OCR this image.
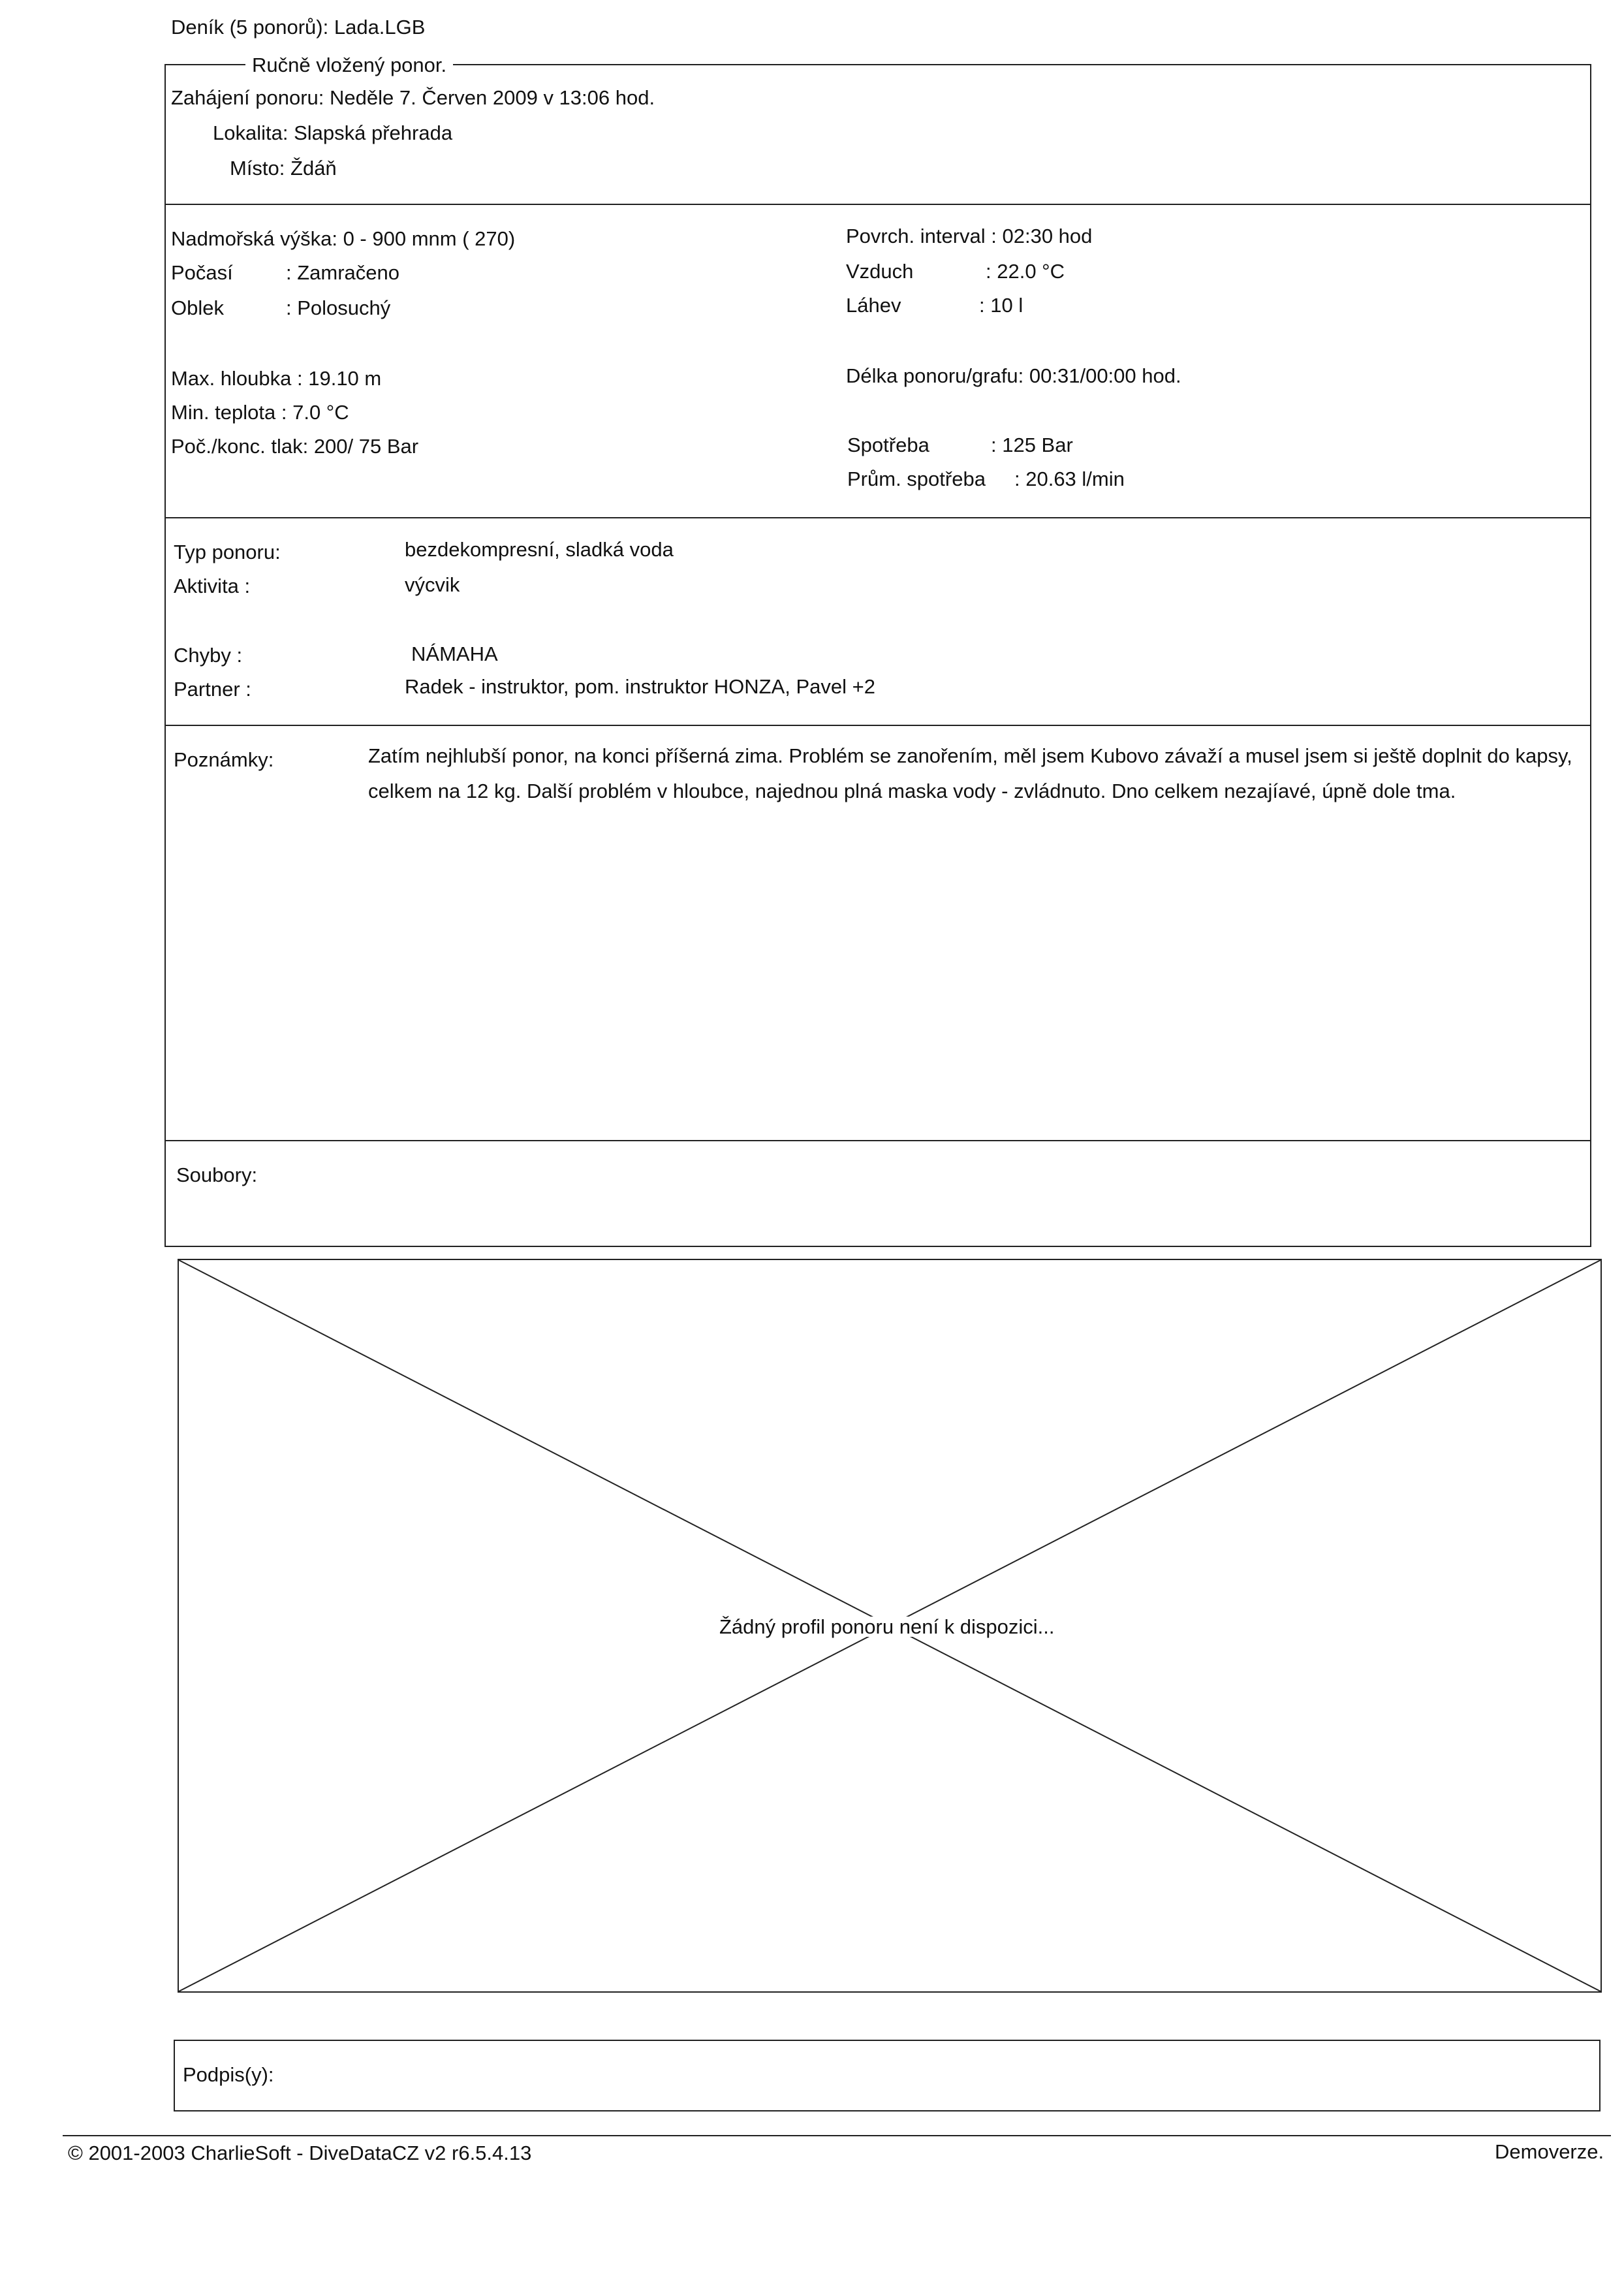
Deník (5 ponorů): Lada.LGB
Ručně vložený ponor.
Zahájení ponoru: Neděle 7. Červen 2009 v 13:06 hod.
Lokalita: Slapská přehrada
Místo: Ždáň
Nadmořská výška: 0 - 900 mnm ( 270)
Počasí	: Zamračeno
Oblek	: Polosuchý
Povrch. interval : 02:30 hod
Vzduch	: 22.0 °C
Láhev	: 10 l
Max. hloubka : 19.10 m
Min. teplota : 7.0 °C
Poč./konc. tlak: 200/ 75 Bar
Délka ponoru/grafu: 00:31/00:00 hod.
Spotřeba	: 125 Bar
Prům. spotřeba : 20.63 l/min
Typ ponoru:	bezdekompresní, sladká voda
Aktivita :	výcvik
Chyby :	NÁMAHA
Partner :	Radek - instruktor, pom. instruktor HONZA, Pavel +2
Poznámky:	Zatím nejhlubší ponor, na konci příšerná zima. Problém se zanořením, měl jsem Kubovo závaží a musel jsem si ještě doplnit do kapsy,
celkem na 12 kg. Další problém v hloubce, najednou plná maska vody - zvládnuto. Dno celkem nezajíavé, úpně dole tma.
Soubory:
Žádný profil ponoru není k dispozici...
Podpis(y):
© 2001-2003 CharlieSoft - DiveDataCZ v2 r6.5.4.13	Demoverze.
